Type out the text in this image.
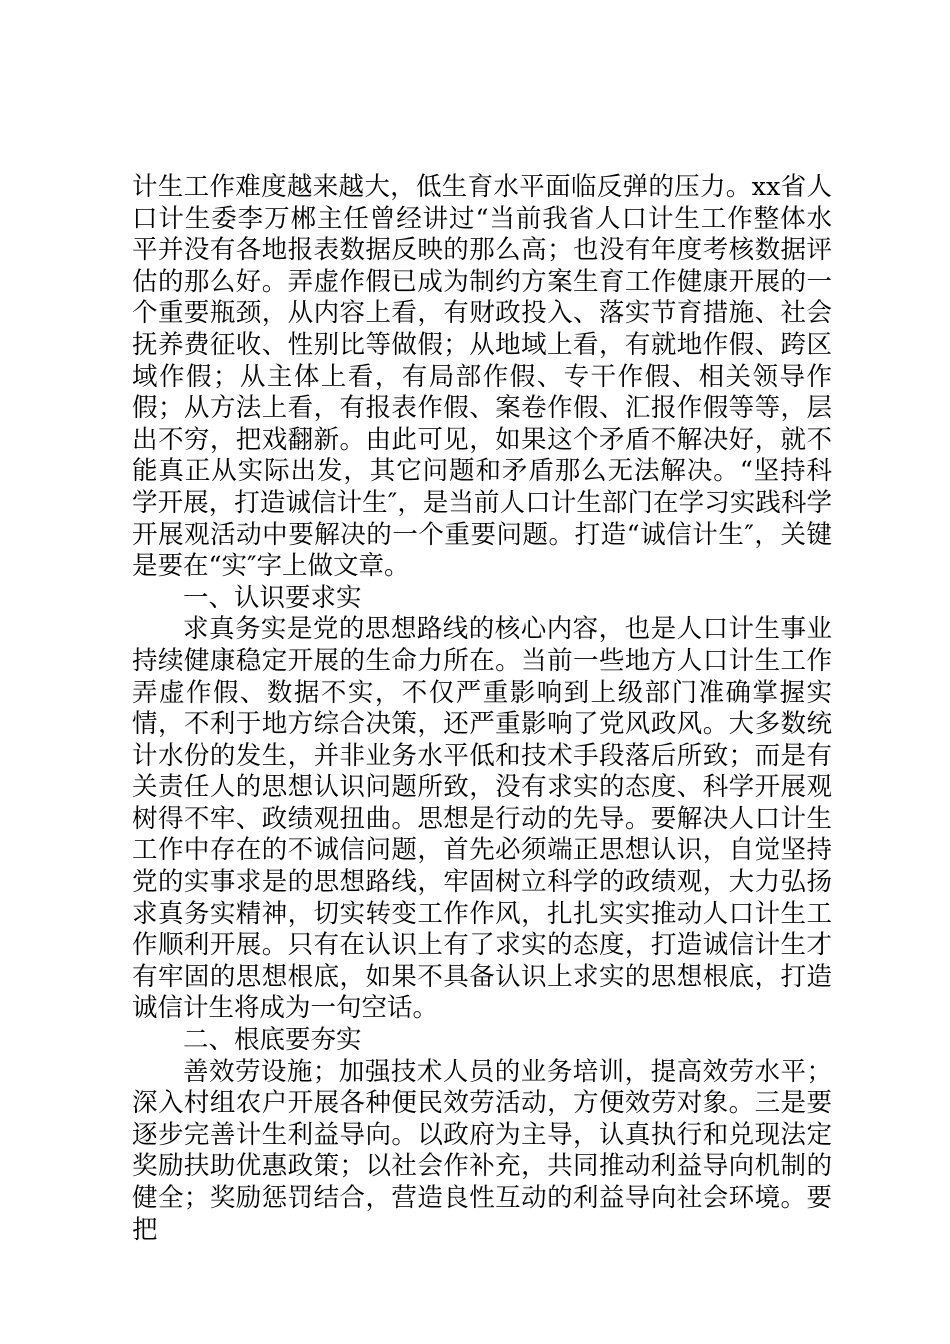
计生工作难度越来越大，低生育水平面临反弹的压力。xx省人口计生委李万郴主任曾经讲过“当前我省人口计生工作整体水平并没有各地报表数据反映的那么高；也没有年度考核数据评估的那么好。弄虚作假已成为制约方案生育工作健康开展的一个重要瓶颈，从内容上看，有财政投入、落实节育措施、社会抚养费征收、性别比等做假；从地域上看，有就地作假、跨区域作假；从主体上看，有局部作假、专干作假、相关领导作假；从方法上看，有报表作假、案卷作假、汇报作假等等，层出不穷，把戏翻新。由此可见，如果这个矛盾不解决好，就不能真正从实际出发，其它问题和矛盾那么无法解决。“坚持科学开展，打造诚信计生″，是当前人口计生部门在学习实践科学开展观活动中要解决的一个重要问题。打造“诚信计生″，关键是要在“实″字上做文章。

一、认识要求实

求真务实是党的思想路线的核心内容，也是人口计生事业持续健康稳定开展的生命力所在。当前一些地方人口计生工作弄虚作假、数据不实，不仅严重影响到上级部门准确掌握实情，不利于地方综合决策，还严重影响了党风政风。大多数统计水份的发生，并非业务水平低和技术手段落后所致；而是有关责任人的思想认识问题所致，没有求实的态度、科学开展观树得不牢、政绩观扭曲。思想是行动的先导。要解决人口计生工作中存在的不诚信问题，首先必须端正思想认识，自觉坚持党的实事求是的思想路线，牢固树立科学的政绩观，大力弘扬求真务实精神，切实转变工作作风，扎扎实实推动人口计生工作顺利开展。只有在认识上有了求实的态度，打造诚信计生才有牢固的思想根底，如果不具备认识上求实的思想根底，打造诚信计生将成为一句空话。

二、根底要夯实

善效劳设施；加强技术人员的业务培训，提高效劳水平；深入村组农户开展各种便民效劳活动，方便效劳对象。三是要逐步完善计生利益导向。以政府为主导，认真执行和兑现法定奖励扶助优惠政策；以社会作补充，共同推动利益导向机制的健全；奖励惩罚结合，营造良性互动的利益导向社会环境。要把
